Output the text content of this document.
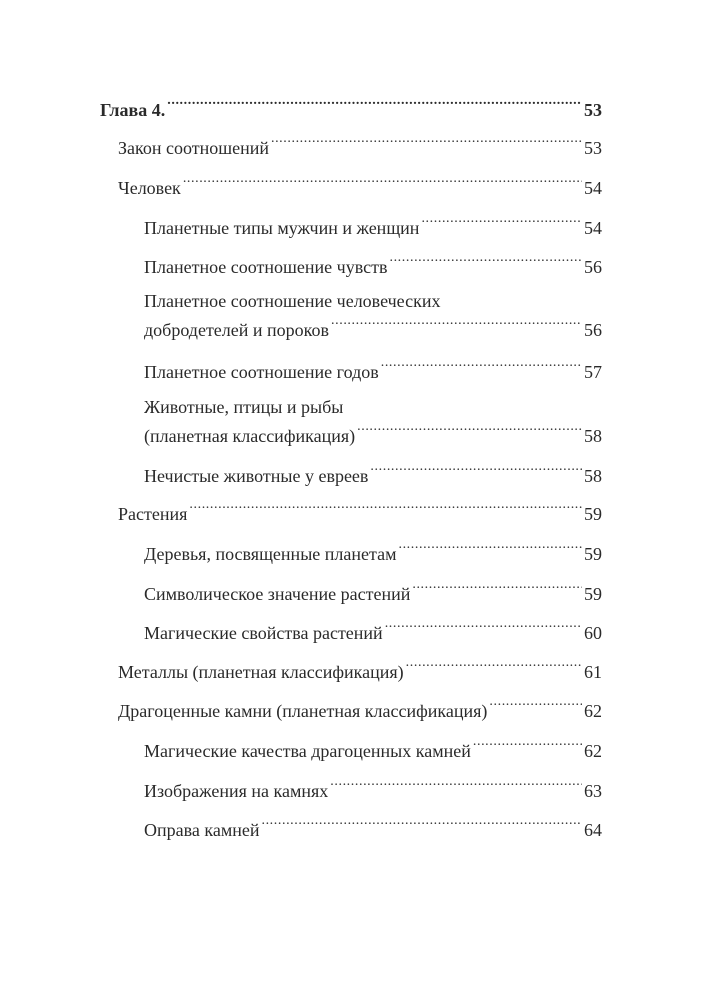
Глава 4. .....	53
Закон соотношений .....	53
Человек .....	54
Планетные типы мужчин и женщин .....	54
Планетное соотношение чувств .....	56
Планетное соотношение человеческих
добродетелей и пороков .....	56
Планетное соотношение годов .....	57
Животные, птицы и рыбы
(планетная классификация) .....	58
Нечистые животные у евреев .....	58
Растения .....	59
Деревья, посвященные планетам .....	59
Символическое значение растений .....	59
Магические свойства растений .....	60
Металлы (планетная классификация) .....	61
Драгоценные камни (планетная классификация) .....	62
Магические качества драгоценных камней .....	62
Изображения на камнях .....	63
Оправа камней .....	64
